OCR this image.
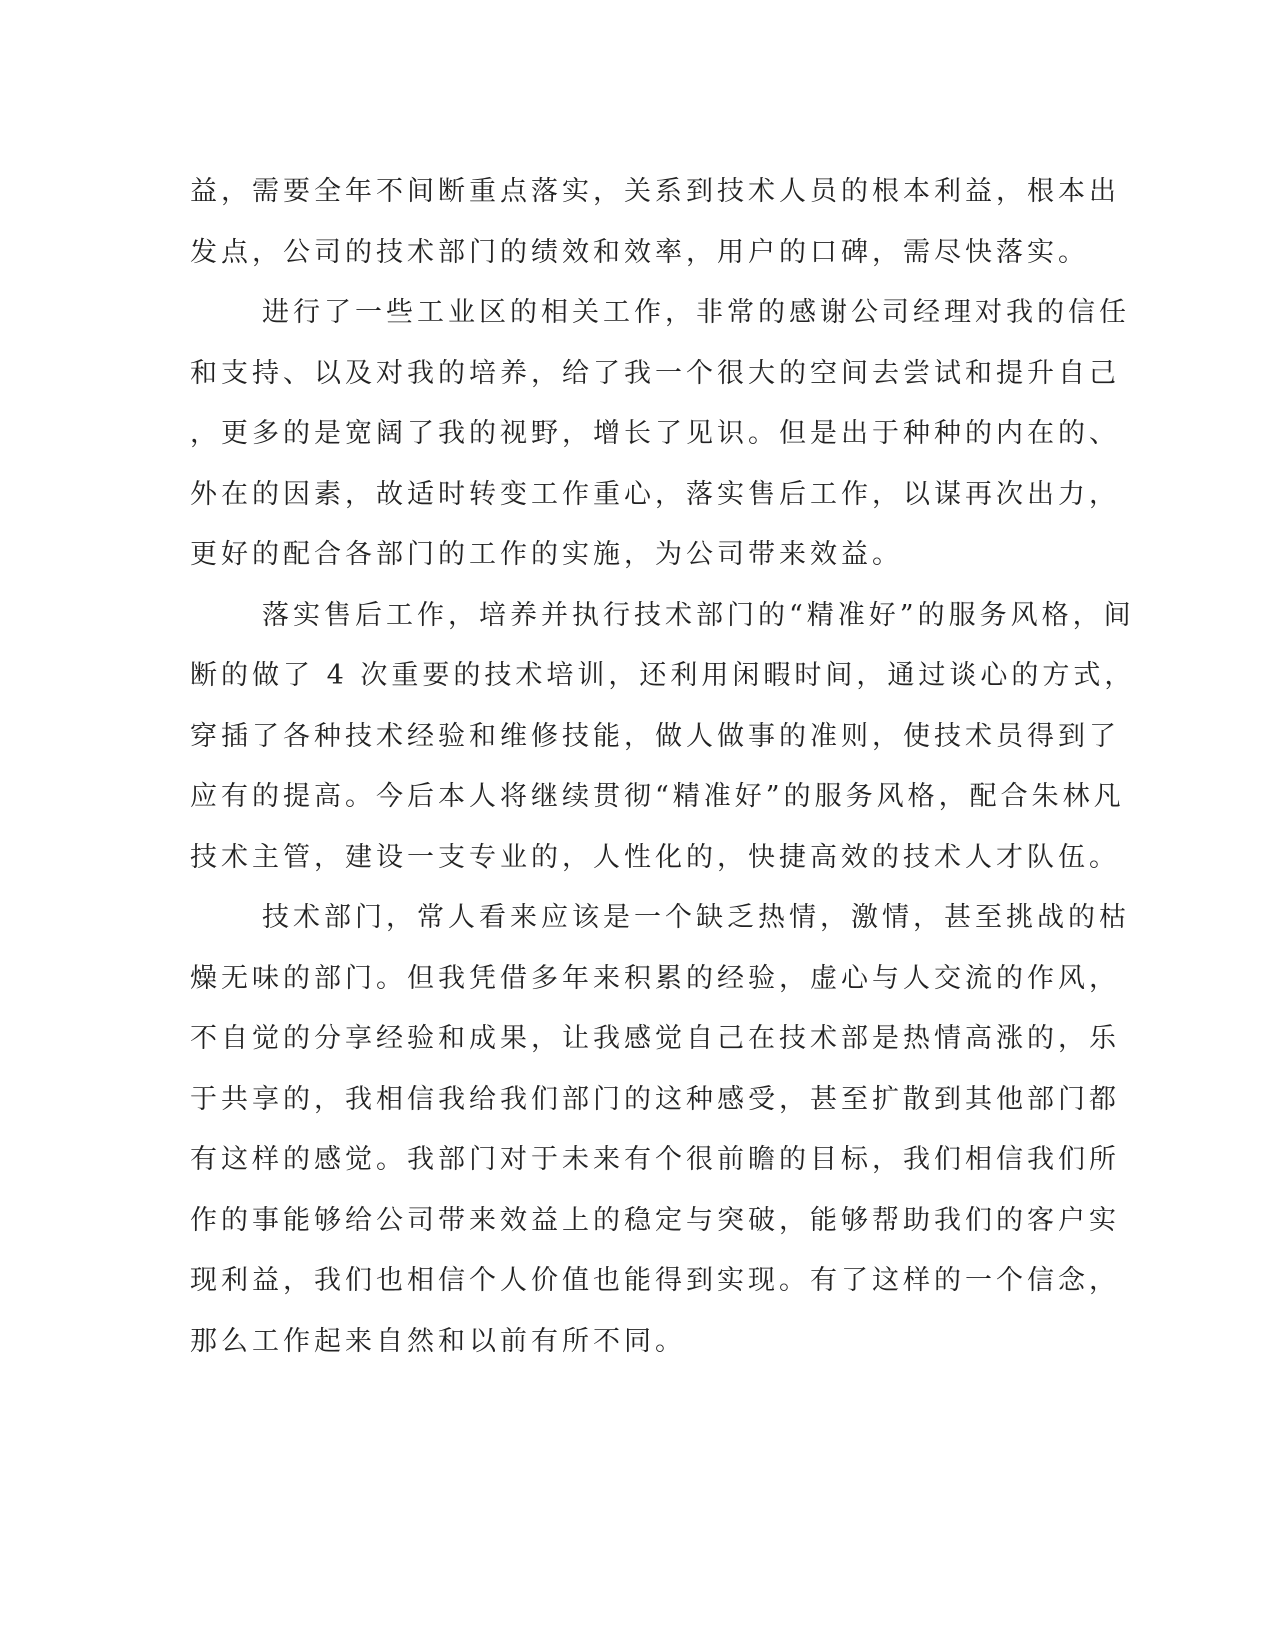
益，需要全年不间断重点落实，关系到技术人员的根本利益，根本出
发点，公司的技术部门的绩效和效率，用户的口碑，需尽快落实。
进行了一些工业区的相关工作，非常的感谢公司经理对我的信任
和支持、以及对我的培养，给了我一个很大的空间去尝试和提升自己
，更多的是宽阔了我的视野，增长了见识。但是出于种种的内在的、
外在的因素，故适时转变工作重心，落实售后工作，以谋再次出力，
更好的配合各部门的工作的实施，为公司带来效益。
落实售后工作，培养并执行技术部门的“精准好”的服务风格，间
断的做了 4 次重要的技术培训，还利用闲暇时间，通过谈心的方式，
穿插了各种技术经验和维修技能，做人做事的准则，使技术员得到了
应有的提高。今后本人将继续贯彻“精准好”的服务风格，配合朱林凡
技术主管，建设一支专业的，人性化的，快捷高效的技术人才队伍。
技术部门，常人看来应该是一个缺乏热情，激情，甚至挑战的枯
燥无味的部门。但我凭借多年来积累的经验，虚心与人交流的作风，
不自觉的分享经验和成果，让我感觉自己在技术部是热情高涨的，乐
于共享的，我相信我给我们部门的这种感受，甚至扩散到其他部门都
有这样的感觉。我部门对于未来有个很前瞻的目标，我们相信我们所
作的事能够给公司带来效益上的稳定与突破，能够帮助我们的客户实
现利益，我们也相信个人价值也能得到实现。有了这样的一个信念，
那么工作起来自然和以前有所不同。
